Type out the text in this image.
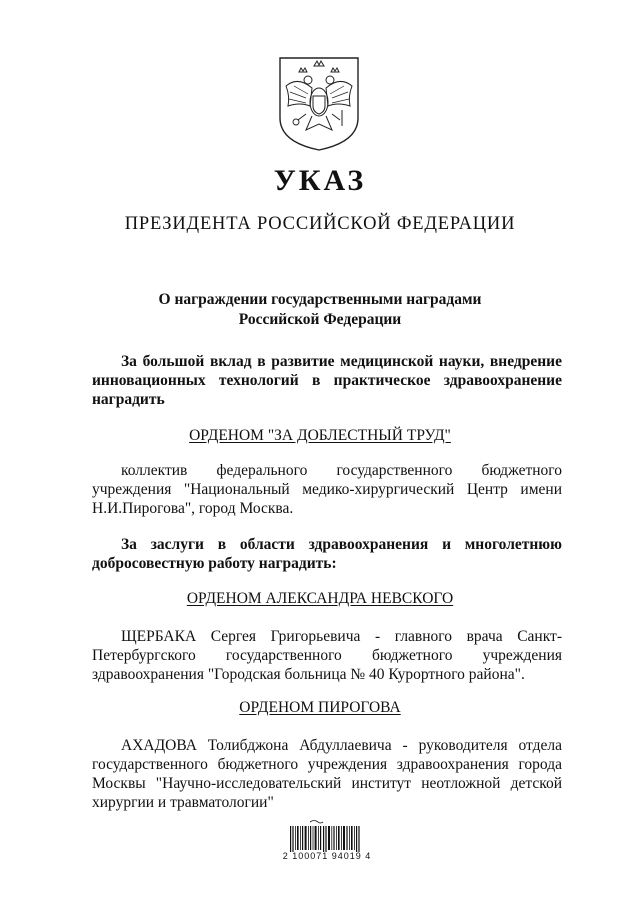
УКАЗ
ПРЕЗИДЕНТА РОССИЙСКОЙ ФЕДЕРАЦИИ
О награждении государственными наградами
Российской Федерации
За большой вклад в развитие медицинской науки, внедрение инновационных технологий в практическое здравоохранение наградить
ОРДЕНОМ "ЗА ДОБЛЕСТНЫЙ ТРУД"
коллектив федерального государственного бюджетного учреждения "Национальный медико-хирургический Центр имени Н.И.Пирогова", город Москва.
За заслуги в области здравоохранения и многолетнюю добросовестную работу наградить:
ОРДЕНОМ АЛЕКСАНДРА НЕВСКОГО
ЩЕРБАКА Сергея Григорьевича - главного врача Санкт-Петербургского государственного бюджетного учреждения здравоохранения "Городская больница № 40 Курортного района".
ОРДЕНОМ ПИРОГОВА
АХАДОВА Толибджона Абдуллаевича - руководителя отдела государственного бюджетного учреждения здравоохранения города Москвы "Научно-исследовательский институт неотложной детской хирургии и травматологии"
2 100071 94019 4
